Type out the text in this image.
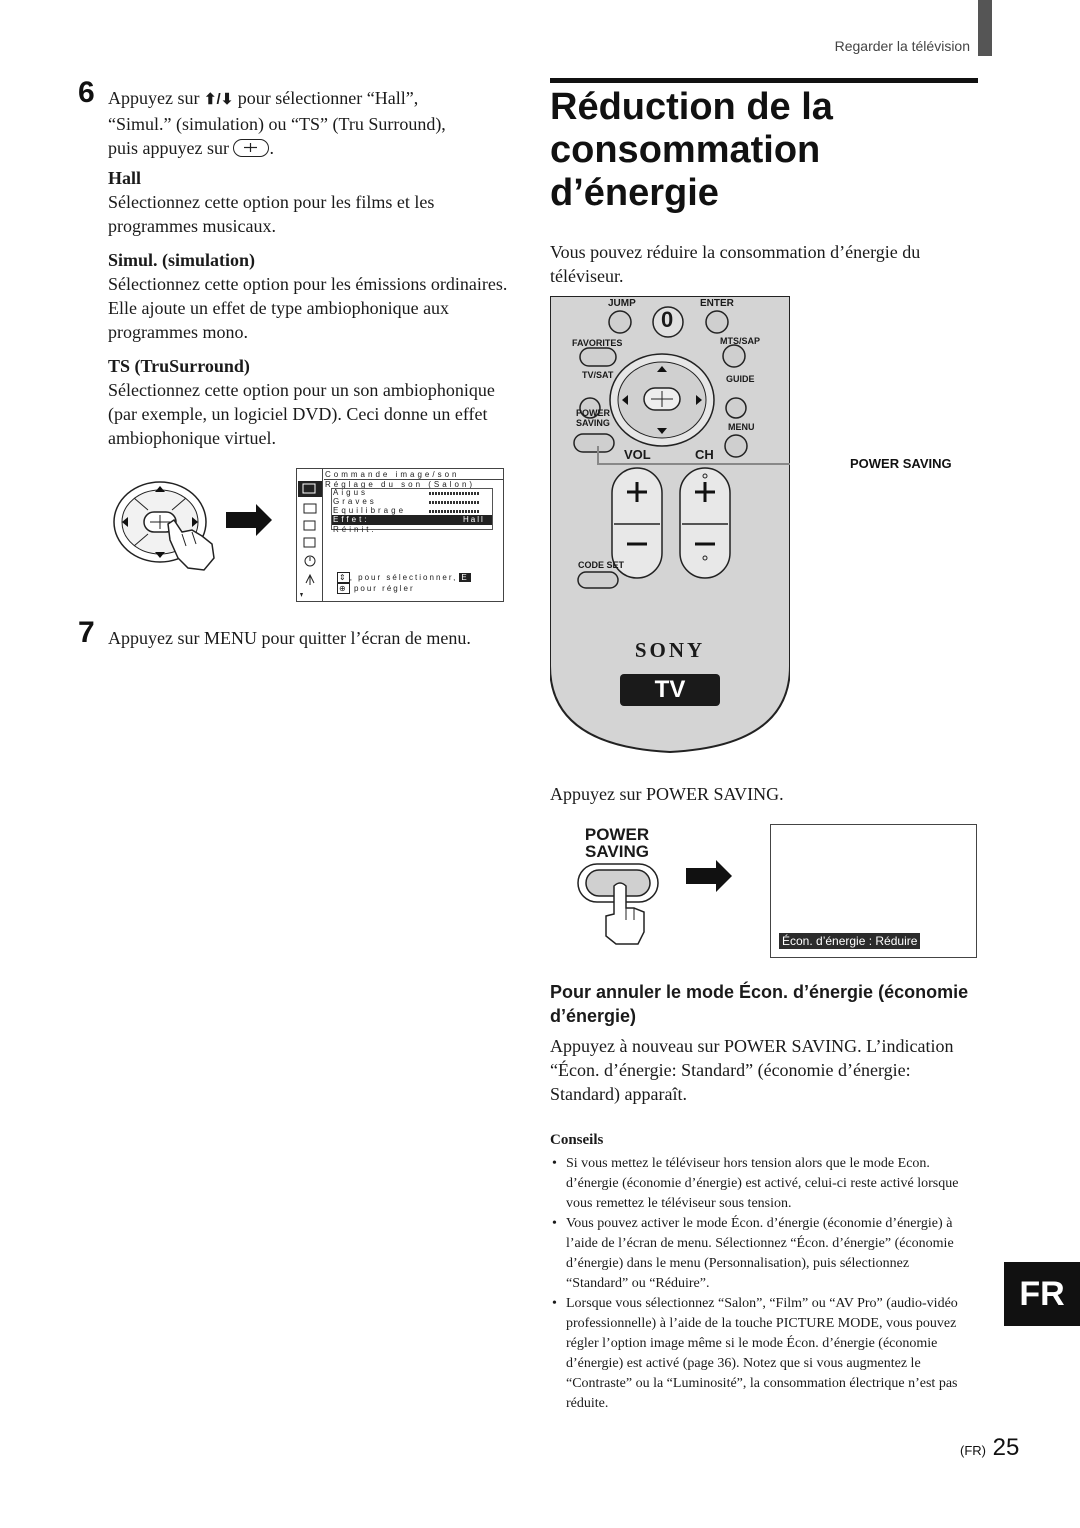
Regarder la télévision
Réduction de la consommation d’énergie
6 Appuyez sur ⬆/⬇ pour sélectionner “Hall”,
“Simul.” (simulation) ou “TS” (Tru Surround),
puis appuyez sur .
Hall
Sélectionnez cette option pour les films et les programmes musicaux.
Simul. (simulation)
Sélectionnez cette option pour les émissions ordinaires. Elle ajoute un effet de type ambiophonique aux programmes mono.
TS (TruSurround)
Sélectionnez cette option pour un son ambiophonique (par exemple, un logiciel DVD). Ceci donne un effet ambiophonique virtuel.
Commande image/son
Réglage du son (Salon)
Aigus
Graves
Equilibrage
Effet:	Hall
Réinit.
⇕ , pour sélectionner, E
⊕ pour régler
7 Appuyez sur MENU pour quitter l’écran de menu.
Vous pouvez réduire la consommation d’énergie du téléviseur.
JUMP	ENTER
0
FAVORITES	MTS/SAP
TV/SAT	GUIDE
POWER
SAVING	MENU
VOL	CH
CODE SET
SONY
TV
POWER SAVING
Appuyez sur POWER SAVING.
POWER
SAVING
Écon. d’énergie : Réduire
Pour annuler le mode Écon. d’énergie (économie d’énergie)
Appuyez à nouveau sur POWER SAVING. L’indication “Écon. d’énergie: Standard” (économie d’énergie: Standard) apparaît.
Conseils
• Si vous mettez le téléviseur hors tension alors que le mode Econ. d’énergie (économie d’énergie) est activé, celui-ci reste activé lorsque vous remettez le téléviseur sous tension.
• Vous pouvez activer le mode Écon. d’énergie (économie d’énergie) à l’aide de l’écran de menu. Sélectionnez “Écon. d’énergie” (économie d’énergie) dans le menu (Personnalisation), puis sélectionnez “Standard” ou “Réduire”.
• Lorsque vous sélectionnez “Salon”, “Film” ou “AV Pro” (audio-vidéo professionnelle) à l’aide de la touche PICTURE MODE, vous pouvez régler l’option image même si le mode Écon. d’énergie (économie d’énergie) est activé (page 36). Notez que si vous augmentez le “Contraste” ou la “Luminosité”, la consommation électrique n’est pas réduite.
FR
(FR) 25
